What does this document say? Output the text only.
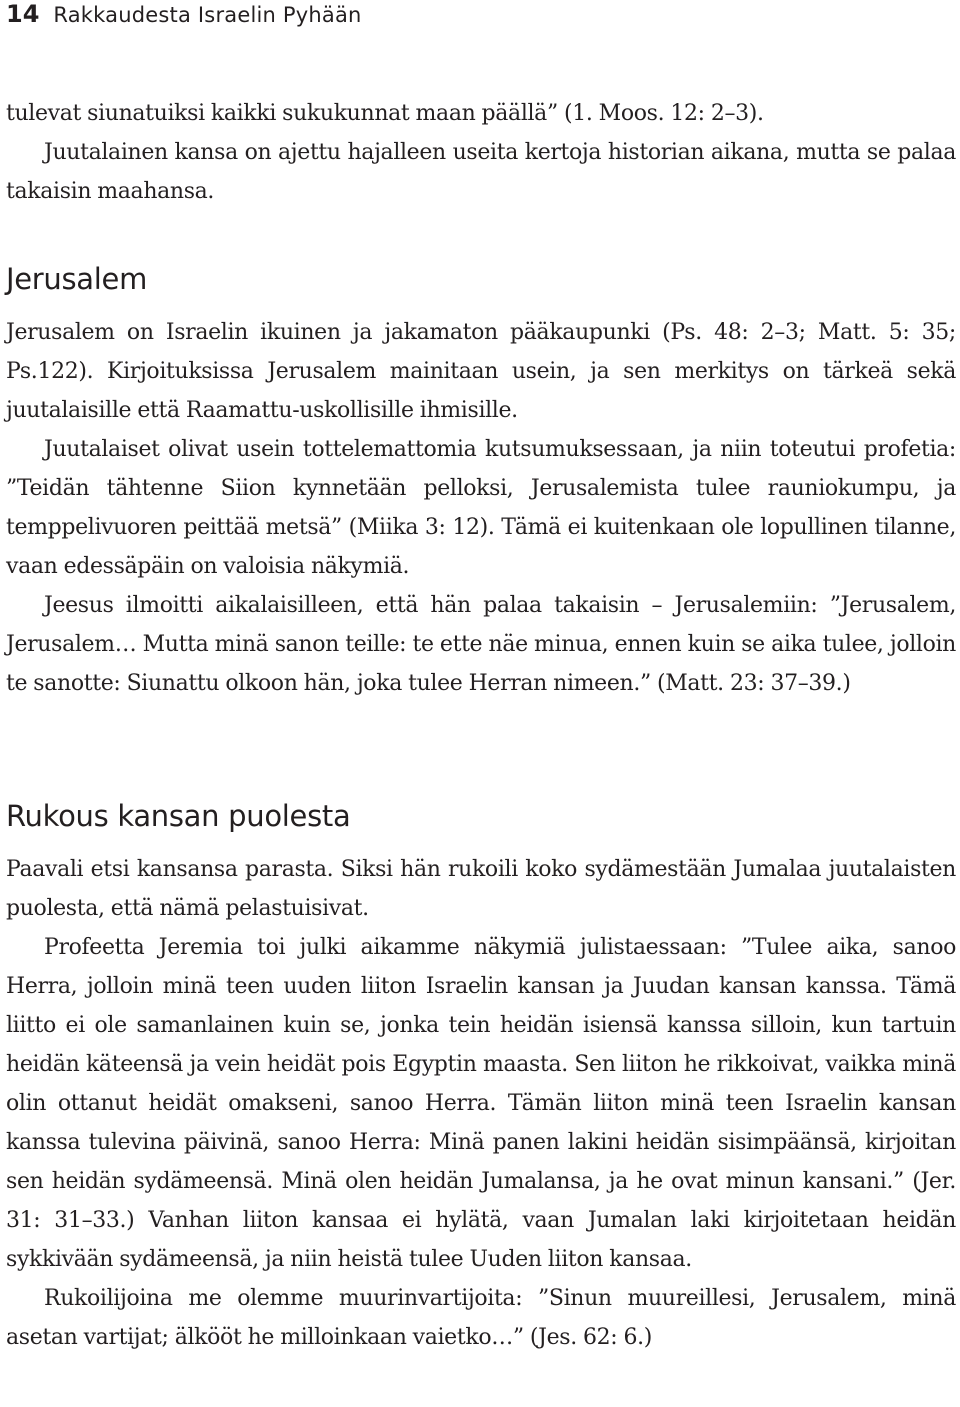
14 Rakkaudesta Israelin Pyhään

tulevat siunatuiksi kaikki sukukunnat maan päällä” (1. Moos. 12: 2–3).

Juutalainen kansa on ajettu hajalleen useita kertoja historian aikana, mutta se palaa takaisin maahansa.

Jerusalem

Jerusalem on Israelin ikuinen ja jakamaton pääkaupunki (Ps. 48: 2–3; Matt. 5: 35; Ps.122). Kirjoituksissa Jerusalem mainitaan usein, ja sen merkitys on tärkeä sekä juutalaisille että Raamattu-uskollisille ihmisille.

Juutalaiset olivat usein tottelemattomia kutsumuksessaan, ja niin toteutui profetia: ”Teidän tähtenne Siion kynnetään pelloksi, Jerusalemista tulee rauniokumpu, ja temppelivuoren peittää metsä” (Miika 3: 12). Tämä ei kuitenkaan ole lopullinen tilanne, vaan edessäpäin on valoisia näkymiä.

Jeesus ilmoitti aikalaisilleen, että hän palaa takaisin – Jerusalemiin: ”Jerusalem, Jerusalem… Mutta minä sanon teille: te ette näe minua, ennen kuin se aika tulee, jolloin te sanotte: Siunattu olkoon hän, joka tulee Herran nimeen.” (Matt. 23: 37–39.)

Rukous kansan puolesta

Paavali etsi kansansa parasta. Siksi hän rukoili koko sydämestään Jumalaa juutalaisten puolesta, että nämä pelastuisivat.

Profeetta Jeremia toi julki aikamme näkymiä julistaessaan: ”Tulee aika, sanoo Herra, jolloin minä teen uuden liiton Israelin kansan ja Juudan kansan kanssa. Tämä liitto ei ole samanlainen kuin se, jonka tein heidän isiensä kanssa silloin, kun tartuin heidän käteensä ja vein heidät pois Egyptin maasta. Sen liiton he rikkoivat, vaikka minä olin ottanut heidät omakseni, sanoo Herra. Tämän liiton minä teen Israelin kansan kanssa tulevina päivinä, sanoo Herra: Minä panen lakini heidän sisimpäänsä, kirjoitan sen heidän sydämeensä. Minä olen heidän Jumalansa, ja he ovat minun kansani.” (Jer. 31: 31–33.) Vanhan liiton kansaa ei hylätä, vaan Jumalan laki kirjoitetaan heidän sykkivään sydämeensä, ja niin heistä tulee Uuden liiton kansaa.

Rukoilijoina me olemme muurinvartijoita: ”Sinun muureillesi, Jerusalem, minä asetan vartijat; älkööt he milloinkaan vaietko…” (Jes. 62: 6.)
